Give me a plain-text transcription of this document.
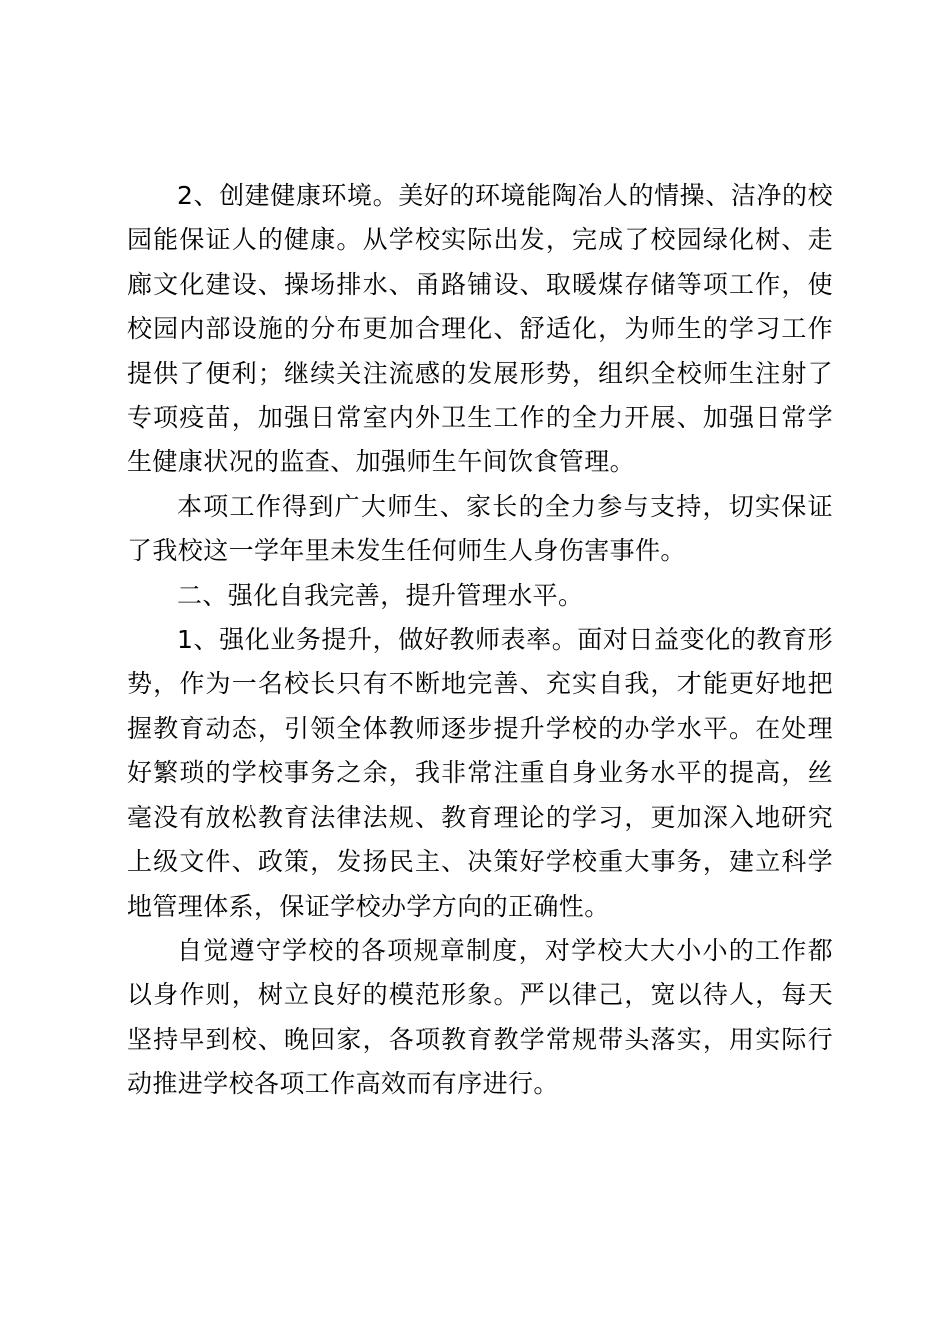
2、创建健康环境。美好的环境能陶冶人的情操、洁净的校园能保证人的健康。从学校实际出发，完成了校园绿化树、走廊文化建设、操场排水、甬路铺设、取暖煤存储等项工作，使校园内部设施的分布更加合理化、舒适化，为师生的学习工作提供了便利；继续关注流感的发展形势，组织全校师生注射了专项疫苗，加强日常室内外卫生工作的全力开展、加强日常学生健康状况的监查、加强师生午间饮食管理。

本项工作得到广大师生、家长的全力参与支持，切实保证了我校这一学年里未发生任何师生人身伤害事件。

二、强化自我完善，提升管理水平。

1、强化业务提升，做好教师表率。面对日益变化的教育形势，作为一名校长只有不断地完善、充实自我，才能更好地把握教育动态，引领全体教师逐步提升学校的办学水平。在处理好繁琐的学校事务之余，我非常注重自身业务水平的提高，丝毫没有放松教育法律法规、教育理论的学习，更加深入地研究上级文件、政策，发扬民主、决策好学校重大事务，建立科学地管理体系，保证学校办学方向的正确性。

自觉遵守学校的各项规章制度，对学校大大小小的工作都以身作则，树立良好的模范形象。严以律己，宽以待人，每天坚持早到校、晚回家，各项教育教学常规带头落实，用实际行动推进学校各项工作高效而有序进行。
